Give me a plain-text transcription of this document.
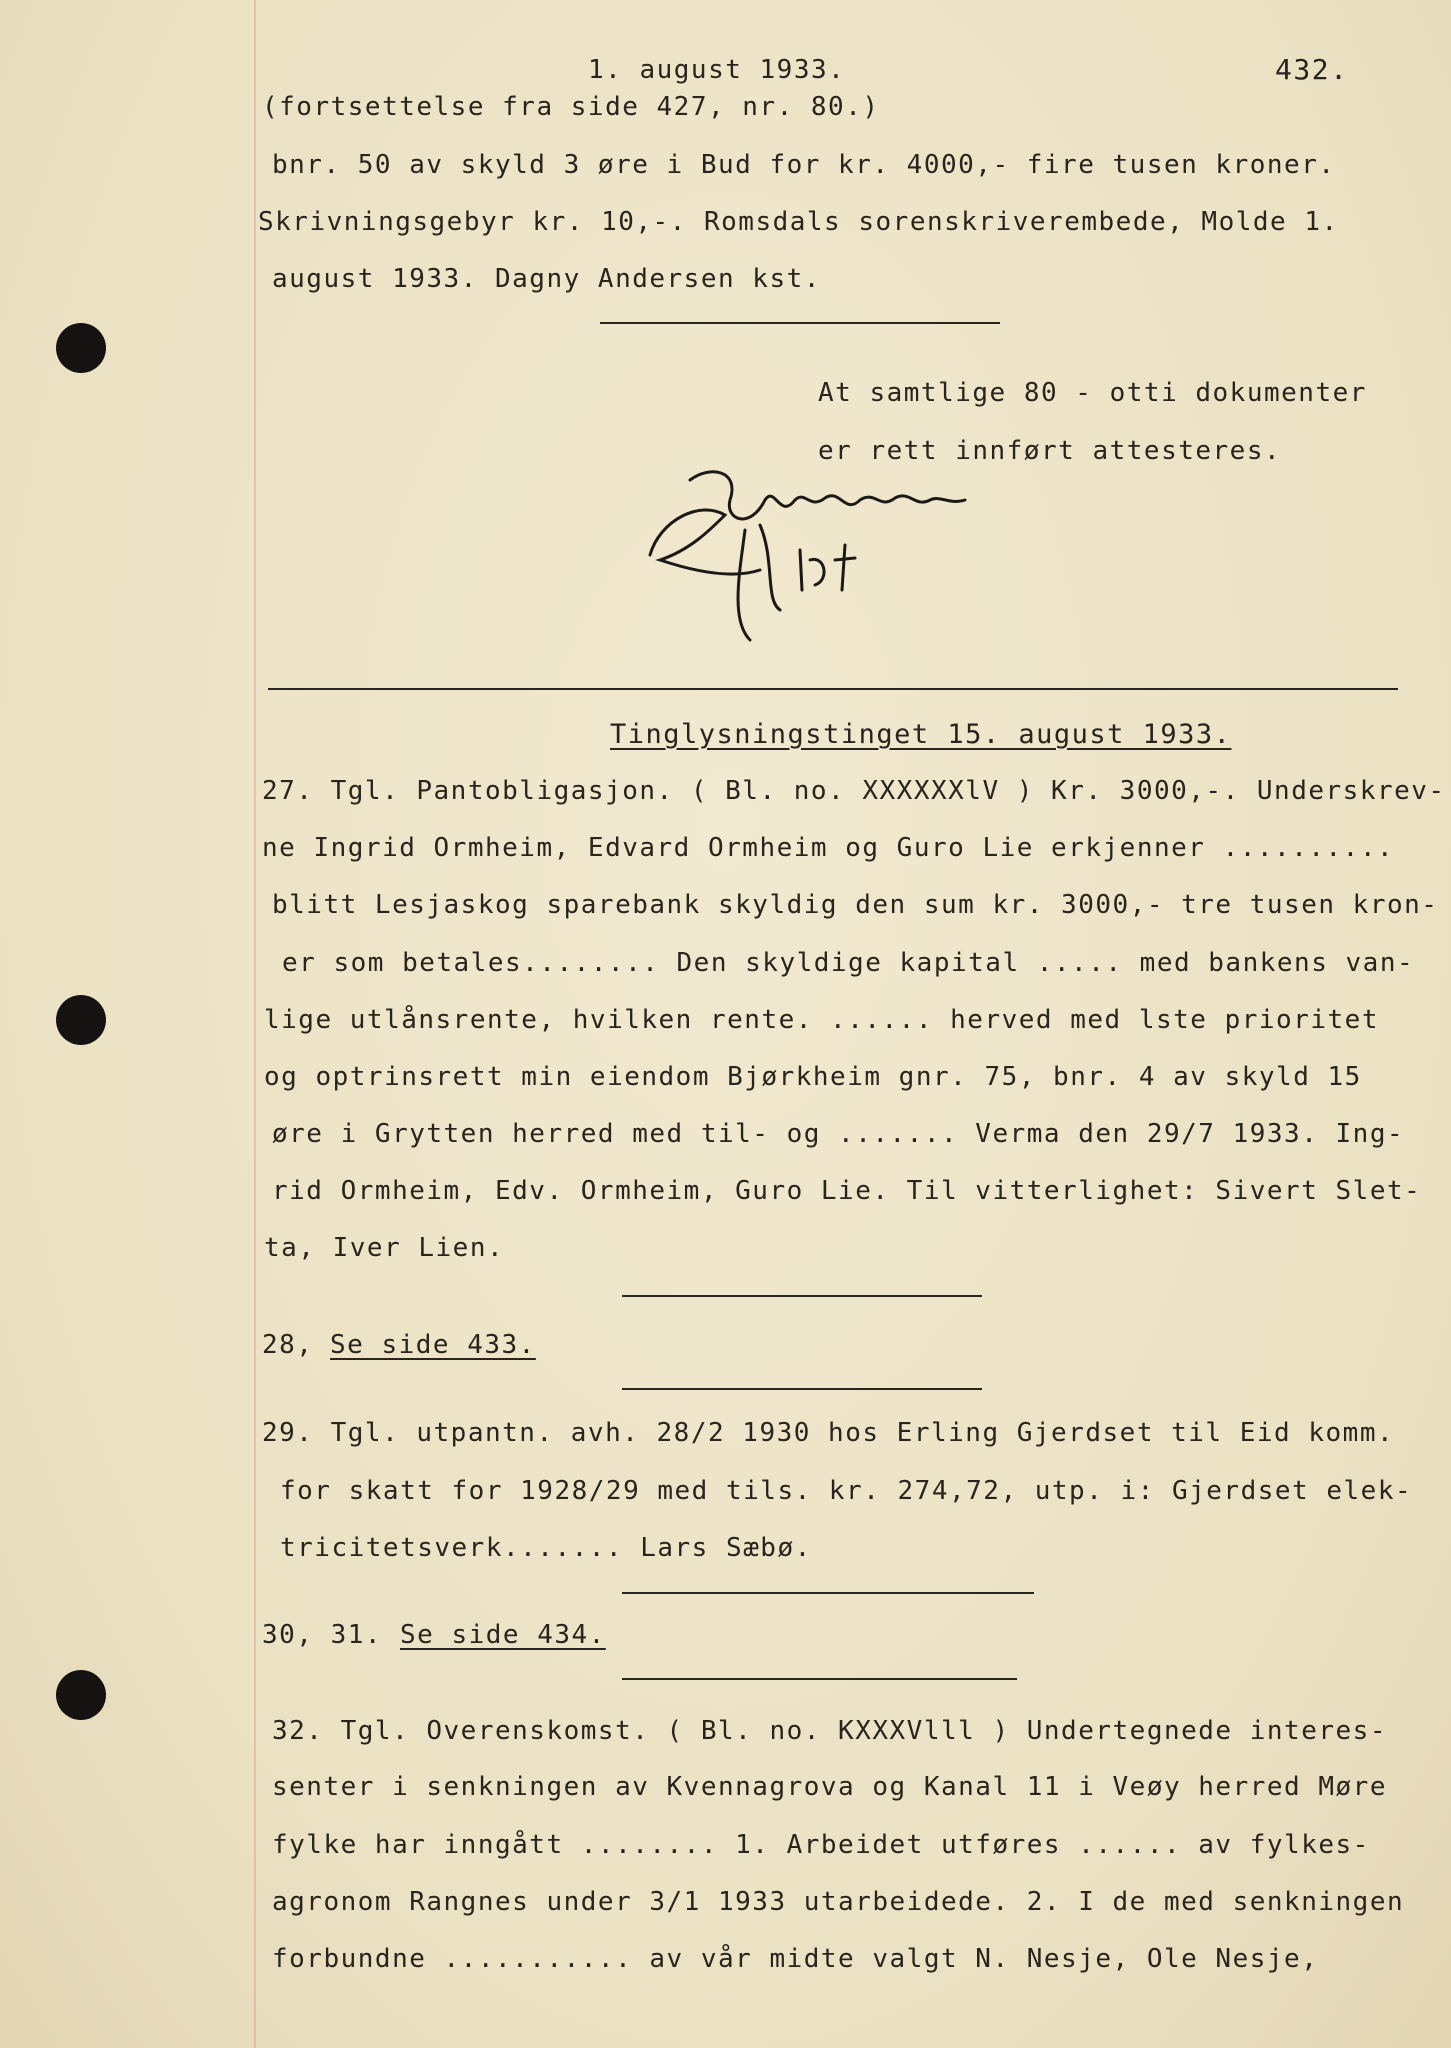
1. august 1933.	432.
(fortsettelse fra side 427, nr. 80.)
bnr. 50 av skyld 3 øre i Bud for kr. 4000,- fire tusen kroner.
Skrivningsgebyr kr. 10,-. Romsdals sorenskriverembede, Molde 1.
august 1933. Dagny Andersen kst.
At samtlige 80 - otti dokumenter
er rett innført attesteres.
Tinglysningstinget 15. august 1933.
27. Tgl. Pantobligasjon. ( Bl. no. XXXXXXlV ) Kr. 3000,-. Underskrev-
ne Ingrid Ormheim, Edvard Ormheim og Guro Lie erkjenner ..........
blitt Lesjaskog sparebank skyldig den sum kr. 3000,- tre tusen kron-
er som betales........ Den skyldige kapital ..... med bankens van-
lige utlånsrente, hvilken rente. ...... herved med lste prioritet
og optrinsrett min eiendom Bjørkheim gnr. 75, bnr. 4 av skyld 15
øre i Grytten herred med til- og ....... Verma den 29/7 1933. Ing-
rid Ormheim, Edv. Ormheim, Guro Lie. Til vitterlighet: Sivert Slet-
ta, Iver Lien.
28, Se side 433.
29. Tgl. utpantn. avh. 28/2 1930 hos Erling Gjerdset til Eid komm.
for skatt for 1928/29 med tils. kr. 274,72, utp. i: Gjerdset elek-
tricitetsverk....... Lars Sæbø.
30, 31. Se side 434.
32. Tgl. Overenskomst. ( Bl. no. KXXXVlll ) Undertegnede interes-
senter i senkningen av Kvennagrova og Kanal 11 i Veøy herred Møre
fylke har inngått ........ 1. Arbeidet utføres ...... av fylkes-
agronom Rangnes under 3/1 1933 utarbeidede. 2. I de med senkningen
forbundne ........... av vår midte valgt N. Nesje, Ole Nesje,
